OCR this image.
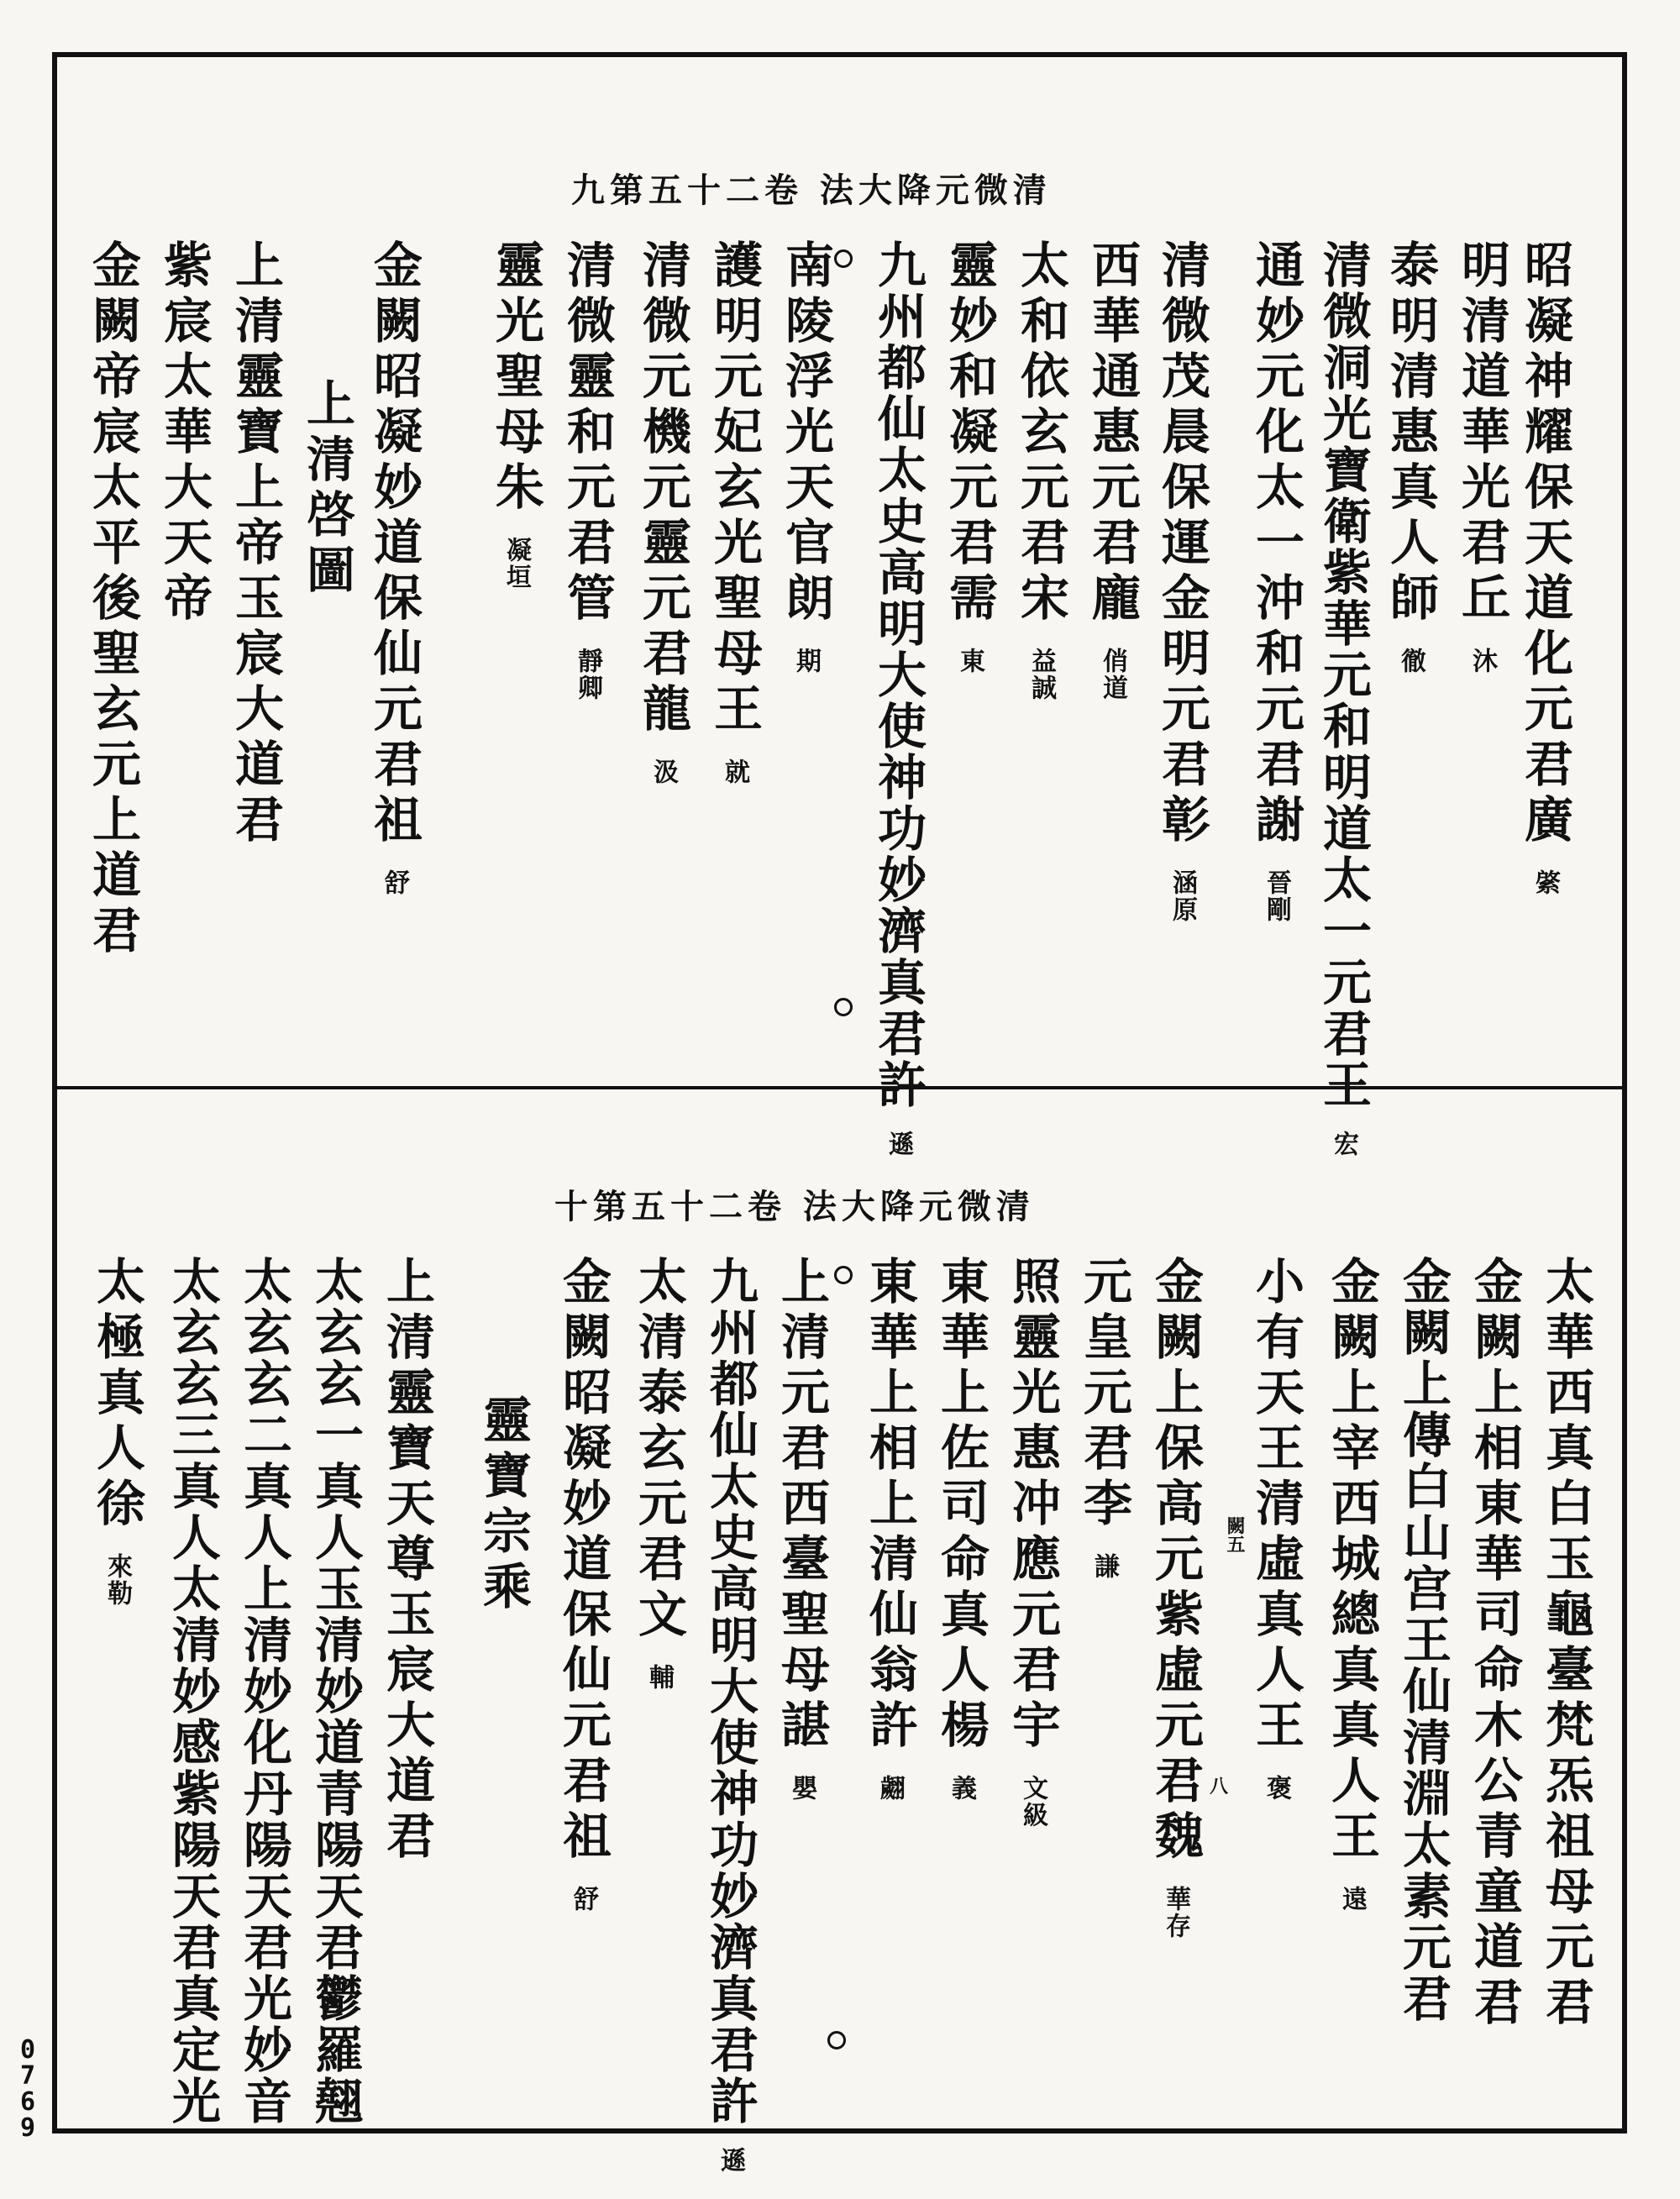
清微元降大法 卷二十五第九
昭凝神耀保天道化元君廣綮
明清道華光君丘沐
泰明清惠真人師徹
清微洞光寶衛紫華元和明道太一元君王宏
通妙元化太一沖和元君謝晉剛
清微茂晨保運金明元君彰涵原
西華通惠元君龐俏道
太和依玄元君宋益誠
靈妙和凝元君需東
九州都仙太史高明大使神功妙濟真君許遜
南陵浮光天官朗期
護明元妃玄光聖母王就
清微元機元靈元君龍汲
清微靈和元君管靜卿
靈光聖母朱凝垣
金闕昭凝妙道保仙元君祖舒
上清啓圖
上清靈寶上帝玉宸大道君
紫宸太華大天帝
金闕帝宸太平後聖玄元上道君
清微元降大法 卷二十五第十
太華西真白玉龜臺梵炁祖母元君
金闕上相東華司命木公青童道君
金闕上傳白山宫王仙清淵太素元君
金闕上宰西城總真真人王遠
小有天王清虛真人王褒
金闕上保高元紫虛元君魏華存
元皇元君李謙
照靈光惠冲應元君宇文級
東華上佐司命真人楊義
東華上相上清仙翁許翽
上清元君西臺聖母諶嬰
九州都仙太史高明大使神功妙濟真君許遜
太清泰玄元君文輔
金闕昭凝妙道保仙元君祖舒
靈寶宗乘
上清靈寶天尊玉宸大道君
太玄玄一真人玉清妙道青陽天君鬱羅翹
太玄玄二真人上清妙化丹陽天君光妙音
太玄玄三真人太清妙感紫陽天君真定光
太極真人徐來勒
闕五
八
0769
